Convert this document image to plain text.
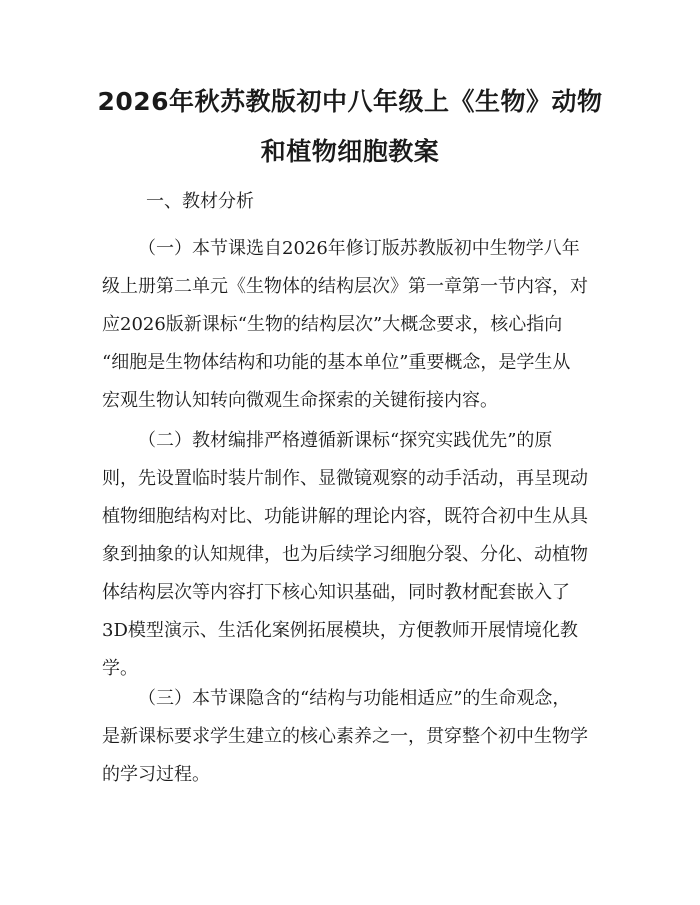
2026年秋苏教版初中八年级上《生物》动物
和植物细胞教案
一、教材分析
（一）本节课选自2026年修订版苏教版初中生物学八年
级上册第二单元《生物体的结构层次》第一章第一节内容，对
应2026版新课标“生物的结构层次”大概念要求，核心指向
“细胞是生物体结构和功能的基本单位”重要概念，是学生从
宏观生物认知转向微观生命探索的关键衔接内容。
（二）教材编排严格遵循新课标“探究实践优先”的原
则，先设置临时装片制作、显微镜观察的动手活动，再呈现动
植物细胞结构对比、功能讲解的理论内容，既符合初中生从具
象到抽象的认知规律，也为后续学习细胞分裂、分化、动植物
体结构层次等内容打下核心知识基础，同时教材配套嵌入了
3D模型演示、生活化案例拓展模块，方便教师开展情境化教
学。
（三）本节课隐含的“结构与功能相适应”的生命观念，
是新课标要求学生建立的核心素养之一，贯穿整个初中生物学
的学习过程。
